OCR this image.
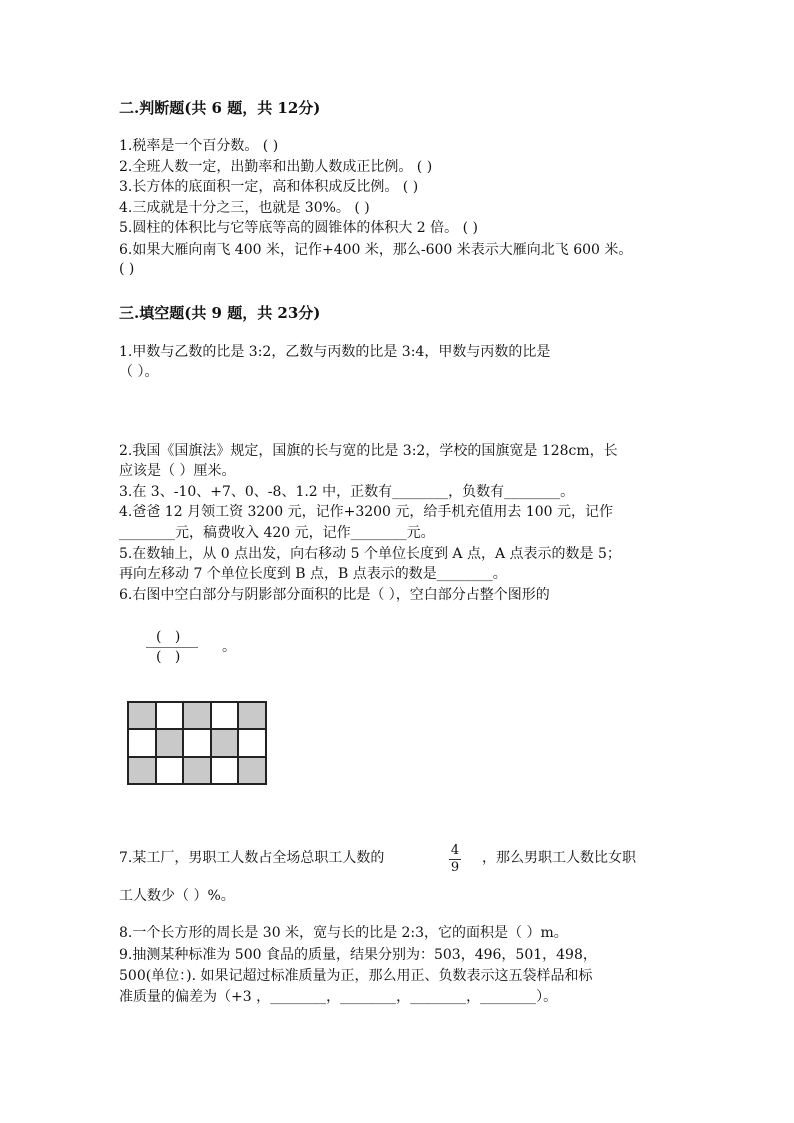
二.判断题(共 6 题，共 12分)
1.税率是一个百分数。 ( )
2.全班人数一定，出勤率和出勤人数成正比例。 ( )
3.长方体的底面积一定，高和体积成反比例。 ( )
4.三成就是十分之三，也就是 30%。 ( )
5.圆柱的体积比与它等底等高的圆锥体的体积大 2 倍。 ( )
6.如果大雁向南飞 400 米，记作+400 米，那么-600 米表示大雁向北飞 600 米。
( )
三.填空题(共 9 题，共 23分)
1.甲数与乙数的比是 3:2，乙数与丙数的比是 3:4，甲数与丙数的比是
（ ）。
2.我国《国旗法》规定，国旗的长与宽的比是 3:2，学校的国旗宽是 128cm，长
应该是（ ）厘米。
3.在 3、-10、+7、0、-8、1.2 中，正数有________，负数有________。
4.爸爸 12 月领工资 3200 元，记作+3200 元，给手机充值用去 100 元，记作
________元，稿费收入 420 元，记作________元。
5.在数轴上，从 0 点出发，向右移动 5 个单位长度到 A 点，A 点表示的数是 5；
再向左移动 7 个单位长度到 B 点，B 点表示的数是________。
6.右图中空白部分与阴影部分面积的比是（ ），空白部分占整个图形的
(   )
(   )
。
7.某工厂，男职工人数占全场总职工人数的	4
9
，那么男职工人数比女职
工人数少（ ）%。
8.一个长方形的周长是 30 米，宽与长的比是 2:3，它的面积是（ ）m。
9.抽测某种标准为 500 食品的质量，结果分别为：503，496，501，498，
500(单位：). 如果记超过标准质量为正，那么用正、负数表示这五袋样品和标
准质量的偏差为（+3 ，________，________，________，________）。
